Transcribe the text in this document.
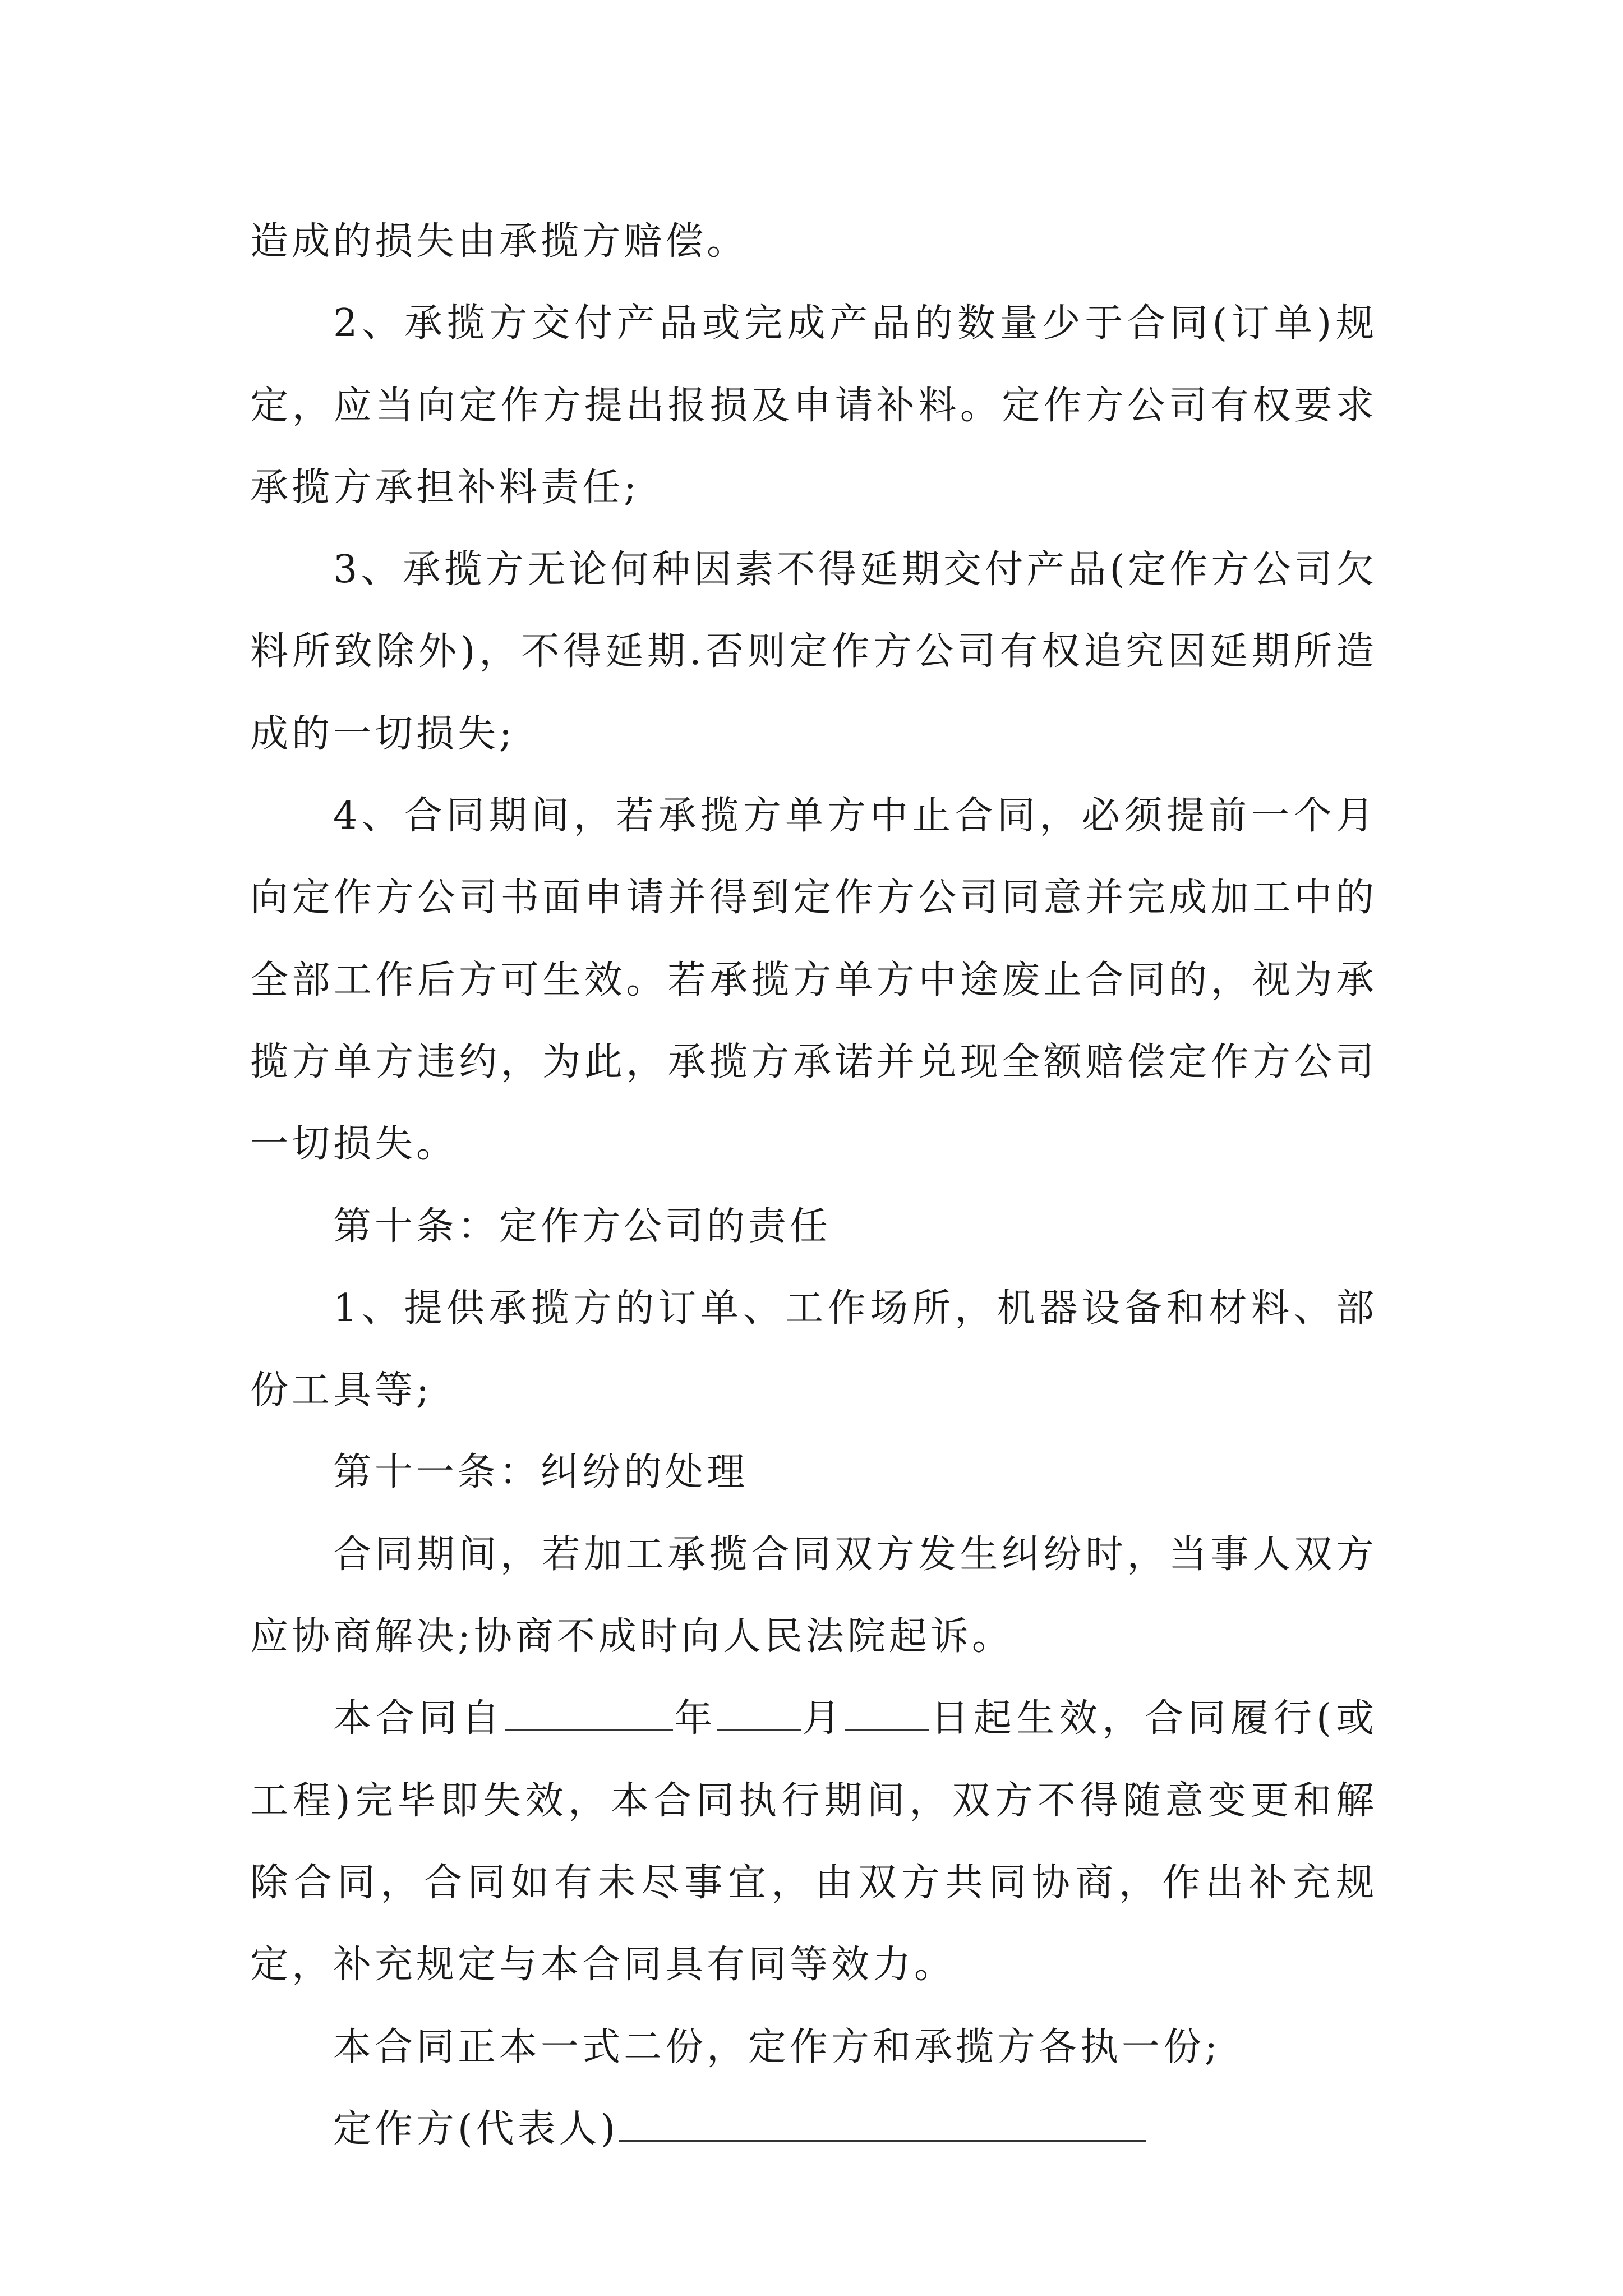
造成的损失由承揽方赔偿。

2、承揽方交付产品或完成产品的数量少于合同(订单)规定，应当向定作方提出报损及申请补料。定作方公司有权要求承揽方承担补料责任;

3、承揽方无论何种因素不得延期交付产品(定作方公司欠料所致除外)，不得延期.否则定作方公司有权追究因延期所造成的一切损失;

4、合同期间，若承揽方单方中止合同，必须提前一个月向定作方公司书面申请并得到定作方公司同意并完成加工中的全部工作后方可生效。若承揽方单方中途废止合同的，视为承揽方单方违约，为此，承揽方承诺并兑现全额赔偿定作方公司一切损失。

第十条：定作方公司的责任

1、提供承揽方的订单、工作场所，机器设备和材料、部份工具等;

第十一条：纠纷的处理

合同期间，若加工承揽合同双方发生纠纷时，当事人双方应协商解决;协商不成时向人民法院起诉。

本合同自	年 月 日起生效，合同履行(或工程)完毕即失效，本合同执行期间，双方不得随意变更和解除合同，合同如有未尽事宜，由双方共同协商，作出补充规定，补充规定与本合同具有同等效力。

本合同正本一式二份，定作方和承揽方各执一份;

定作方(代表人)
